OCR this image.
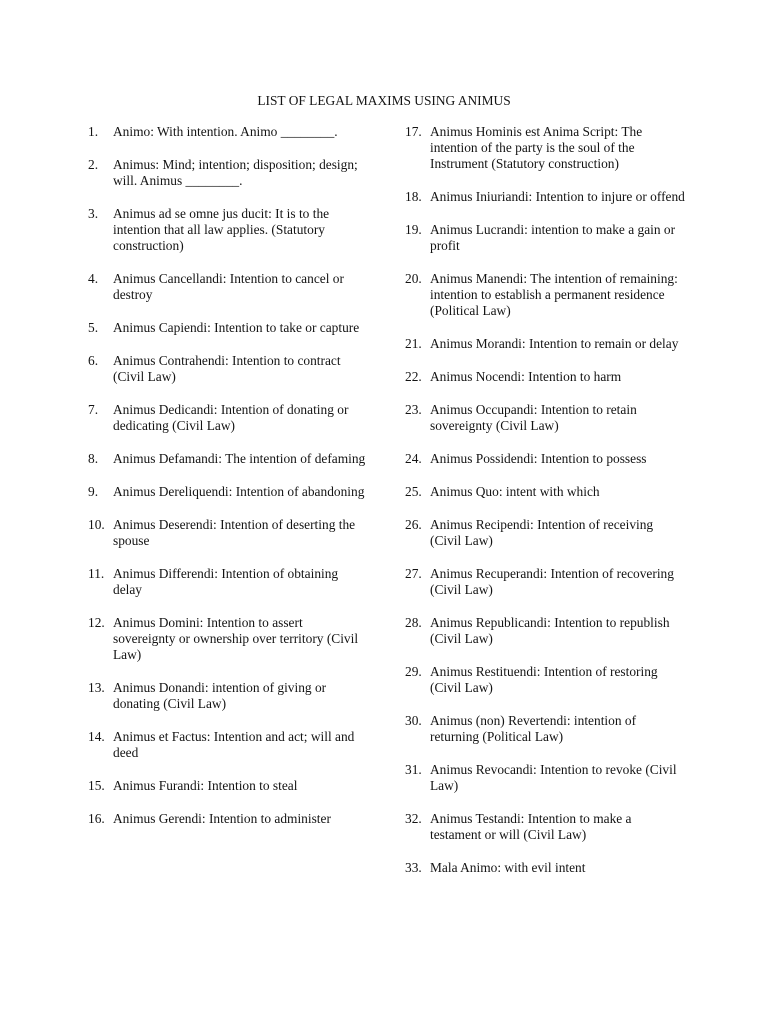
LIST OF LEGAL MAXIMS USING ANIMUS
1.	Animo: With intention. Animo ________.
2.	Animus: Mind; intention; disposition; design; will. Animus ________.
3.	Animus ad se omne jus ducit: It is to the intention that all law applies. (Statutory construction)
4.	Animus Cancellandi: Intention to cancel or destroy
5.	Animus Capiendi: Intention to take or capture
6.	Animus Contrahendi: Intention to contract (Civil Law)
7.	Animus Dedicandi: Intention of donating or dedicating (Civil Law)
8.	Animus Defamandi: The intention of defaming
9.	Animus Dereliquendi: Intention of abandoning
10. Animus Deserendi: Intention of deserting the spouse
11. Animus Differendi: Intention of obtaining delay
12. Animus Domini: Intention to assert sovereignty or ownership over territory (Civil Law)
13. Animus Donandi: intention of giving or donating (Civil Law)
14. Animus et Factus: Intention and act; will and deed
15. Animus Furandi: Intention to steal
16. Animus Gerendi: Intention to administer
17. Animus Hominis est Anima Script: The intention of the party is the soul of the Instrument (Statutory construction)
18. Animus Iniuriandi: Intention to injure or offend
19. Animus Lucrandi: intention to make a gain or profit
20. Animus Manendi: The intention of remaining: intention to establish a permanent residence (Political Law)
21. Animus Morandi: Intention to remain or delay
22. Animus Nocendi: Intention to harm
23. Animus Occupandi: Intention to retain sovereignty (Civil Law)
24. Animus Possidendi: Intention to possess
25. Animus Quo: intent with which
26. Animus Recipendi: Intention of receiving (Civil Law)
27. Animus Recuperandi: Intention of recovering (Civil Law)
28. Animus Republicandi: Intention to republish (Civil Law)
29. Animus Restituendi: Intention of restoring (Civil Law)
30. Animus (non) Revertendi: intention of returning (Political Law)
31. Animus Revocandi: Intention to revoke (Civil Law)
32. Animus Testandi: Intention to make a testament or will (Civil Law)
33. Mala Animo: with evil intent
